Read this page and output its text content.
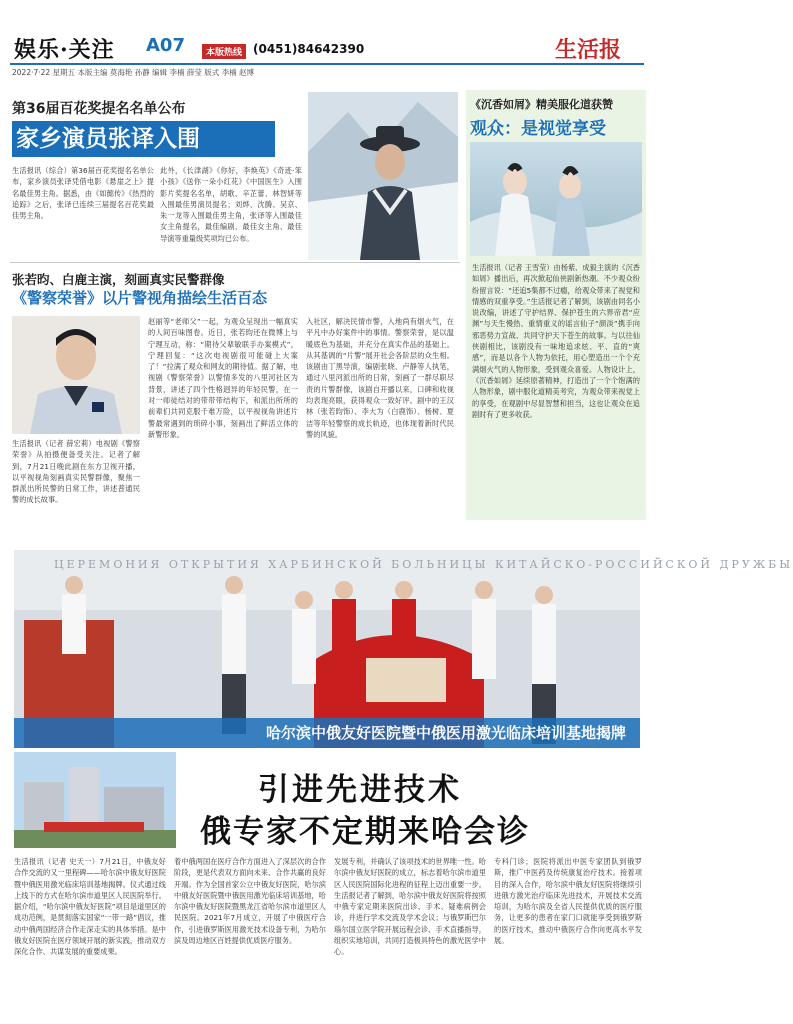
娱乐·关注 A07	本版热线 (0451)84642390	生活报
2022·7·22 星期五 本版主编 莫海艳 孙静 编辑 李楠 薛莹 版式 李楠 赵博
第36届百花奖提名名单公布
家乡演员张译入围
生活报讯（综合）第36届百花奖提名名单公布，家乡演员张译凭借电影《悬崖之上》提名最佳男主角。据悉，由《如懿传》《热烈的追踪》之后，张译已连续三届提名百花奖最佳男主角。
此外，《长津湖》《你好，李焕英》《奇迹·笨小孩》《送你一朵小红花》《中国医生》入围影片奖提名名单，胡歌、辛芷蕾、林智妍等入围最佳男演员提名；刘烨、沈腾、吴京、朱一龙等入围最佳男主角，张译等入围最佳女主角提名，最佳编剧、最佳女主角、最佳导演等重量级奖项均已公布。
张若昀、白鹿主演，刻画真实民警群像
《警察荣誉》以片警视角描绘生活百态
生活报讯（记者 薛宏莉）电视剧《警察荣誉》从拍摄便备受关注。记者了解到，7月21日晚此剧在东方卫视开播，以平视视角刻画真实民警群像，聚焦一群派出所民警的日常工作，讲述普通民警的成长故事。
赵丽等“老师父”一起，为观众呈现出一幅真实的人间百味图卷。近日，张若昀还在微博上与宁理互动，称：“期待父辈敏联手办案模式”，宁理回复：“这次电视剧很可能碰上大案了！”拉满了观众和网友的期待值。据了解，电视剧《警察荣誉》以警情多发的八里河社区为背景，讲述了四个性格迥异的年轻民警，在一对一师徒结对的带带带结构下，和派出所所的前辈们共同克服千难万险，以平视视角讲述片警最常遇到的琐碎小事，刻画出了鲜活立体的新警形象。
入社区，解决民情市警，入地尚有烟火气，在平凡中办好案件中的事情。警察荣誉，是以温暖底色为基础，并充分在真实作品的基础上。从其基调的“片警”展开社会各阶层的众生相。该剧由丁黑导演，编剧张晓、卢静等人执笔，通过八里河派出所的日常，刻画了一群尽职尽责的片警群像，该剧自开播以来，口碑和收视均表现亮眼，获得观众一致好评。剧中的王汉林（张若昀饰）、李大为（白鹿饰）、杨树、夏洁等年轻警察的成长轨迹，也体现着新时代民警的风貌。
《沉香如屑》精美服化道获赞
观众：是视觉享受
生活报讯（记者 王雪莹）由杨紫、成毅主演的《沉香如屑》播出后，再次掀起仙侠剧新热潮。不少观众纷纷留言说：“还追5集都不过瘾，给观众带来了视觉和情感的双重享受。”生活报记者了解到，该剧由同名小说改编，讲述了守护结界、保护苍生的六界帝君“应渊”与天生慢热、重情重义的谣言仙子“颜淡”携手向邪恶势力宣战、共同守护天下苍生的故事。与以往仙侠剧相比，该剧没有一味地追求炫、平、直的“爽感”，而是以各个人物为依托，用心塑造出一个个充满烟火气的人物形象，受到观众喜爱。人物设计上，《沉香如屑》延续原著精神，打造出了一个个饱满的人物形象，剧中服化道精美考究，为观众带来视觉上的享受，在观剧中尽显智慧和担当，这也让观众在追剧时有了更多收获。
ЦЕРЕМОНИЯ ОТКРЫТИЯ ХАРБИНСКОЙ БОЛЬНИЦЫ КИТАЙСКО-РОССИЙСКОЙ ДРУЖБЫ
哈尔滨中俄友好医院暨中俄医用激光临床培训基地揭牌
引进先进技术
俄专家不定期来哈会诊
生活报讯（记者 史天一）7月21日，中俄友好合作交流的又一里程碑——哈尔滨中俄友好医院暨中俄医用激光临床培训基地揭牌。仪式通过线上线下的方式在哈尔滨市道里区人民医院举行。据介绍，“哈尔滨中俄友好医院”项目是道里区的成功范例，是贯彻落实国家“一带一路”倡议，推动中俄两国经济合作走深走实的具体举措。是中俄友好医院在医疗领域开展的新实践，推动双方深化合作、共谋发展的重要成果。
着中俄两国在医疗合作方面进入了深层次的合作阶段，更是代表双方面向未来、合作共赢的良好开端。作为全国首家公立中俄友好医院，哈尔滨中俄友好医院暨中俄医用激光临床培训基地，哈尔滨中俄友好医院暨黑龙江省哈尔滨市道里区人民医院。2021年7月成立，开展了中俄医疗合作，引进俄罗斯医用激光技术设备专利，为哈尔滨及周边地区百姓提供优质医疗服务。
发展专利，并确认了该项技术的世界唯一性。哈尔滨中俄友好医院的成立，标志着哈尔滨市道里区人民医院国际化进程的征程上迈出重要一步。生活报记者了解到，哈尔滨中俄友好医院将按照中俄专家定期来医院出诊、手术、疑难病例会诊，并进行学术交流及学术会议；与俄罗斯巴尔瑙尔国立医学院开展远程会诊、手术直播指导，组织实地培训，共同打造极具特色的激光医学中心。
专科门诊；医院将派出中医专家团队到俄罗斯，推广中医药及传统康复治疗技术。接着项目的深入合作，哈尔滨中俄友好医院将继续引进俄方激光治疗临床先进技术，开展技术交流培训，为哈尔滨及全省人民提供优质的医疗服务，让更多的患者在家门口就能享受到俄罗斯的医疗技术，推动中俄医疗合作向更高水平发展。
